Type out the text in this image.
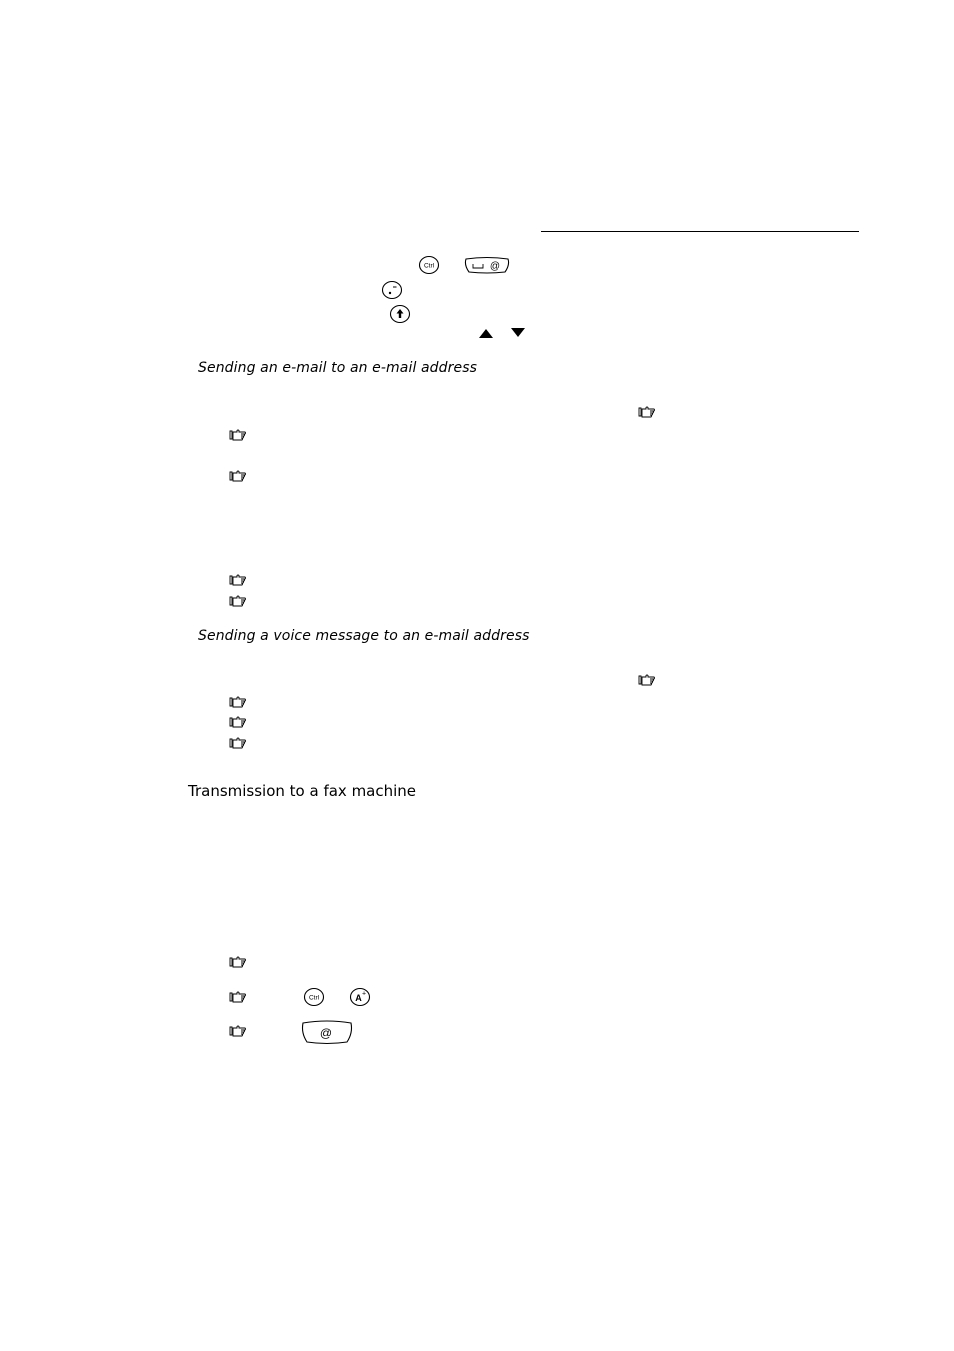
Ctrl	@
Sending an e-mail to an e-mail address
Sending a voice message to an e-mail address
Transmission to a fax machine
Ctrl	A +
@
